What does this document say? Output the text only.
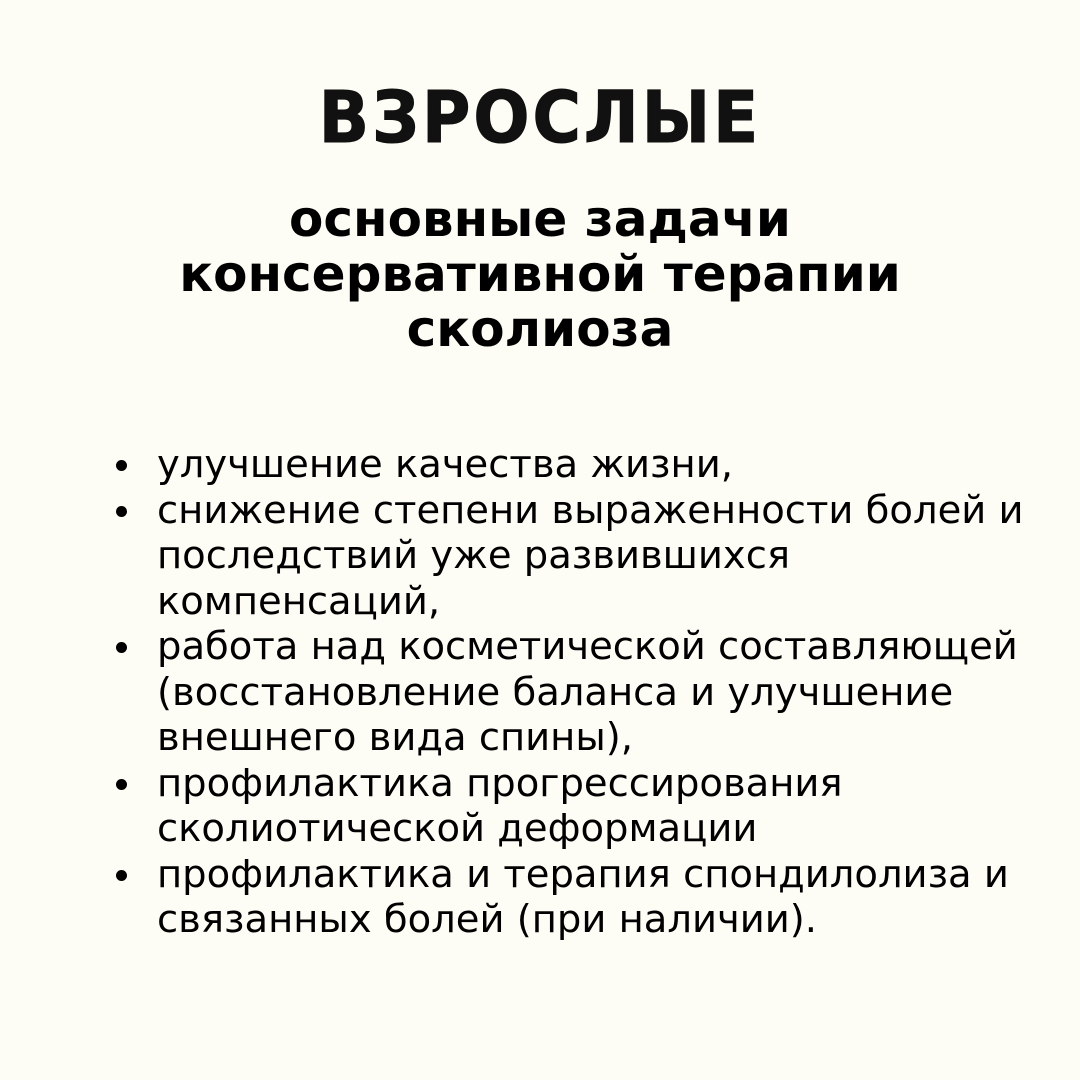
ВЗРОСЛЫЕ
основные задачи
консервативной терапии
сколиоза
улучшение качества жизни,
снижение степени выраженности болей и последствий уже развившихся компенсаций,
работа над косметической составляющей (восстановление баланса и улучшение внешнего вида спины),
профилактика прогрессирования сколиотической деформации
профилактика и терапия спондилолиза и связанных болей (при наличии).
